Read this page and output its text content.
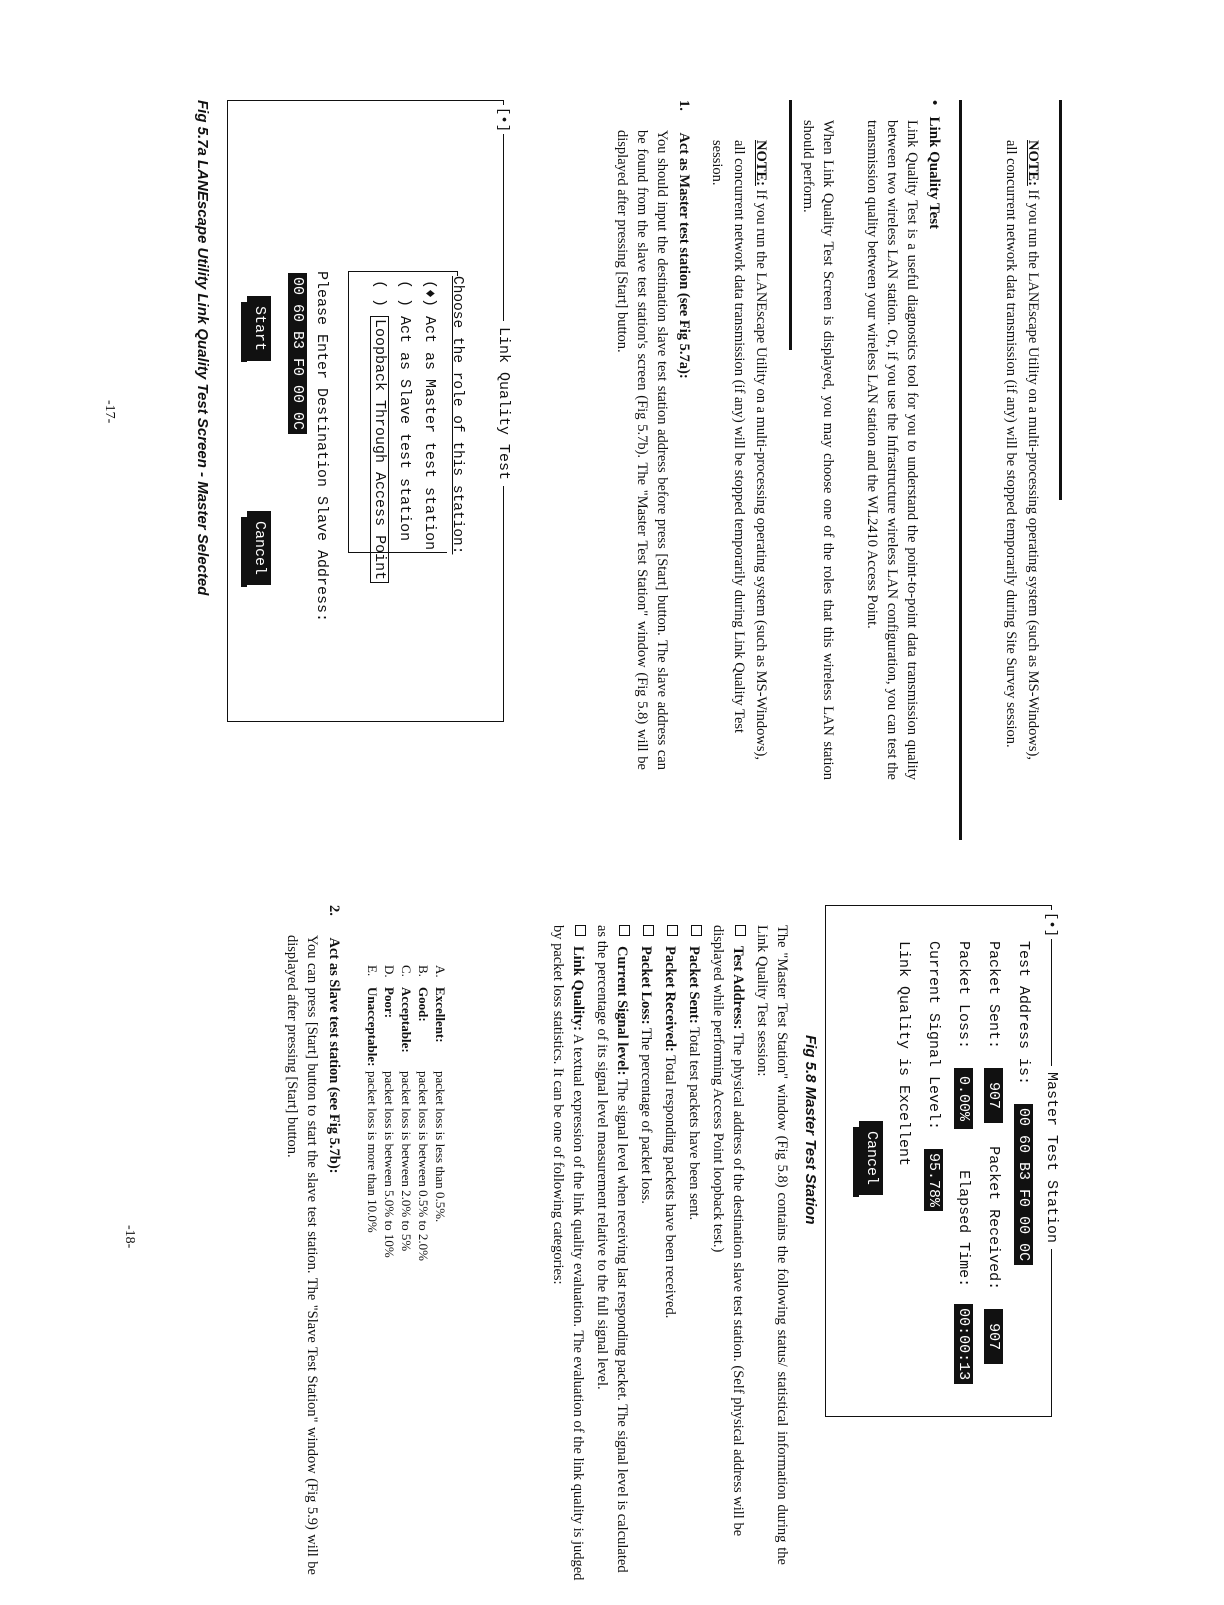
NOTE: If you run the LANEscape Utility on a multi-processing operating system (such as MS-Windows), all concurrent network data transmission (if any) will be stopped temporarily during Site Survey session.
•   Link Quality Test
Link Quality Test is a useful diagnostics tool for you to understand the point-to-point data transmission quality between two wireless LAN station. Or, if you use the Infrastructure wireless LAN configuration, you can test the transmission quality between your wireless LAN station and the WL2410 Access Point.
When Link Quality Test Screen is displayed, you may choose one of the roles that this wireless LAN station should perform.
NOTE: If you run the LANEscape Utility on a multi-processing operating system (such as MS-Windows), all concurrent network data transmission (if any) will be stopped temporarily during Link Quality Test session.
1. Act as Master test station (see Fig 5.7a):
You should input the destination slave test station address before press [Start] button. The slave address can be found from the slave test station's screen (Fig 5.7b). The "Master Test Station" window (Fig 5.8) will be displayed after pressing [Start] button.
[•]
Link Quality Test
Choose the role of this station:
(♦) Act as Master test station
( ) Act as Slave test station
( ) Loopback Through Access Point
Please Enter Destination Slave Address:
00 60 B3 F0 00 0C
Start
Cancel
Fig 5.7a LANEscape Utility Link Quality Test Screen - Master Selected
-17-
[•]
Master Test Station
Test Address is: 00 60 B3 F0 00 0C
Packet Sent: 907 Packet Received: 907
Packet Loss: 0.00% Elapsed Time: 00:00:13
Current Signal Level: 95.78%
Link Quality is Excellent
Cancel
Fig 5.8 Master Test Station
The "Master Test Station" window (Fig 5.8) contains the following status/ statistical information during the Link Quality Test session:
Test Address: The physical address of the destination slave test station. (Self physical address will be displayed while performing Access Point loopback test.)
Packet Sent: Total test packets have been sent.
Packet Received: Total responding packets have been received.
Packet Loss: The percentage of packet loss.
Current Signal level: The signal level when receiving last responding packet. The signal level is calculated as the percentage of its signal level measurement relative to the full signal level.
Link Quality: A textual expression of the link quality evaluation. The evaluation of the link quality is judged by packet loss statistics. It can be one of following categories:
A.Excellent:packet loss is less than 0.5%.
B.Good:packet loss is between 0.5% to 2.0%
C.Acceptable:packet loss is between 2.0% to 5%
D.Poor:packet loss is between 5.0% to 10%
E.Unacceptable:packet loss is more than 10.0%
2. Act as Slave test station (see Fig 5.7b):
You can press [Start] button to start the slave test station. The "Slave Test Station" window (Fig 5.9) will be displayed after pressing [Start] button.
-18-
